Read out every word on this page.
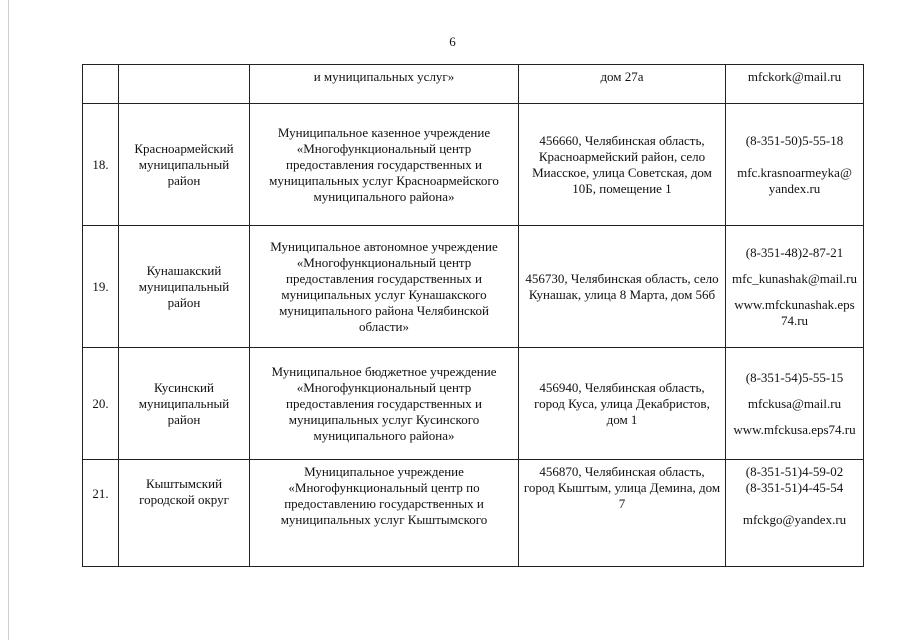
6
		и муниципальных услуг»	дом 27а	mfckork@mail.ru

18.	Красноармейский муниципальный район	Муниципальное казенное учреждение «Многофункциональный центр предоставления государственных и муниципальных услуг Красноармейского муниципального района»	456660, Челябинская область, Красноармейский район, село Миасское, улица Советская, дом 10Б, помещение 1	(8-351-50)5-55-18
mfc.krasnoarmeyka@ yandex.ru

19.	Кунашакский муниципальный район	Муниципальное автономное учреждение «Многофункциональный центр предоставления государственных и муниципальных услуг Кунашакского муниципального района Челябинской области»	456730, Челябинская область, село Кунашак, улица 8 Марта, дом 56б	(8-351-48)2-87-21
mfc_kunashak@mail.ru
www.mfckunashak.eps 74.ru

20.	Кусинский муниципальный район	Муниципальное бюджетное учреждение «Многофункциональный центр предоставления государственных и муниципальных услуг Кусинского муниципального района»	456940, Челябинская область, город Куса, улица Декабристов, дом 1	(8-351-54)5-55-15
mfckusa@mail.ru
www.mfckusa.eps74.ru

21.	Кыштымский городской округ	Муниципальное учреждение «Многофункциональный центр по предоставлению государственных и муниципальных услуг Кыштымского	456870, Челябинская область, город Кыштым, улица Демина, дом 7	(8-351-51)4-59-02
(8-351-51)4-45-54
mfckgo@yandex.ru
